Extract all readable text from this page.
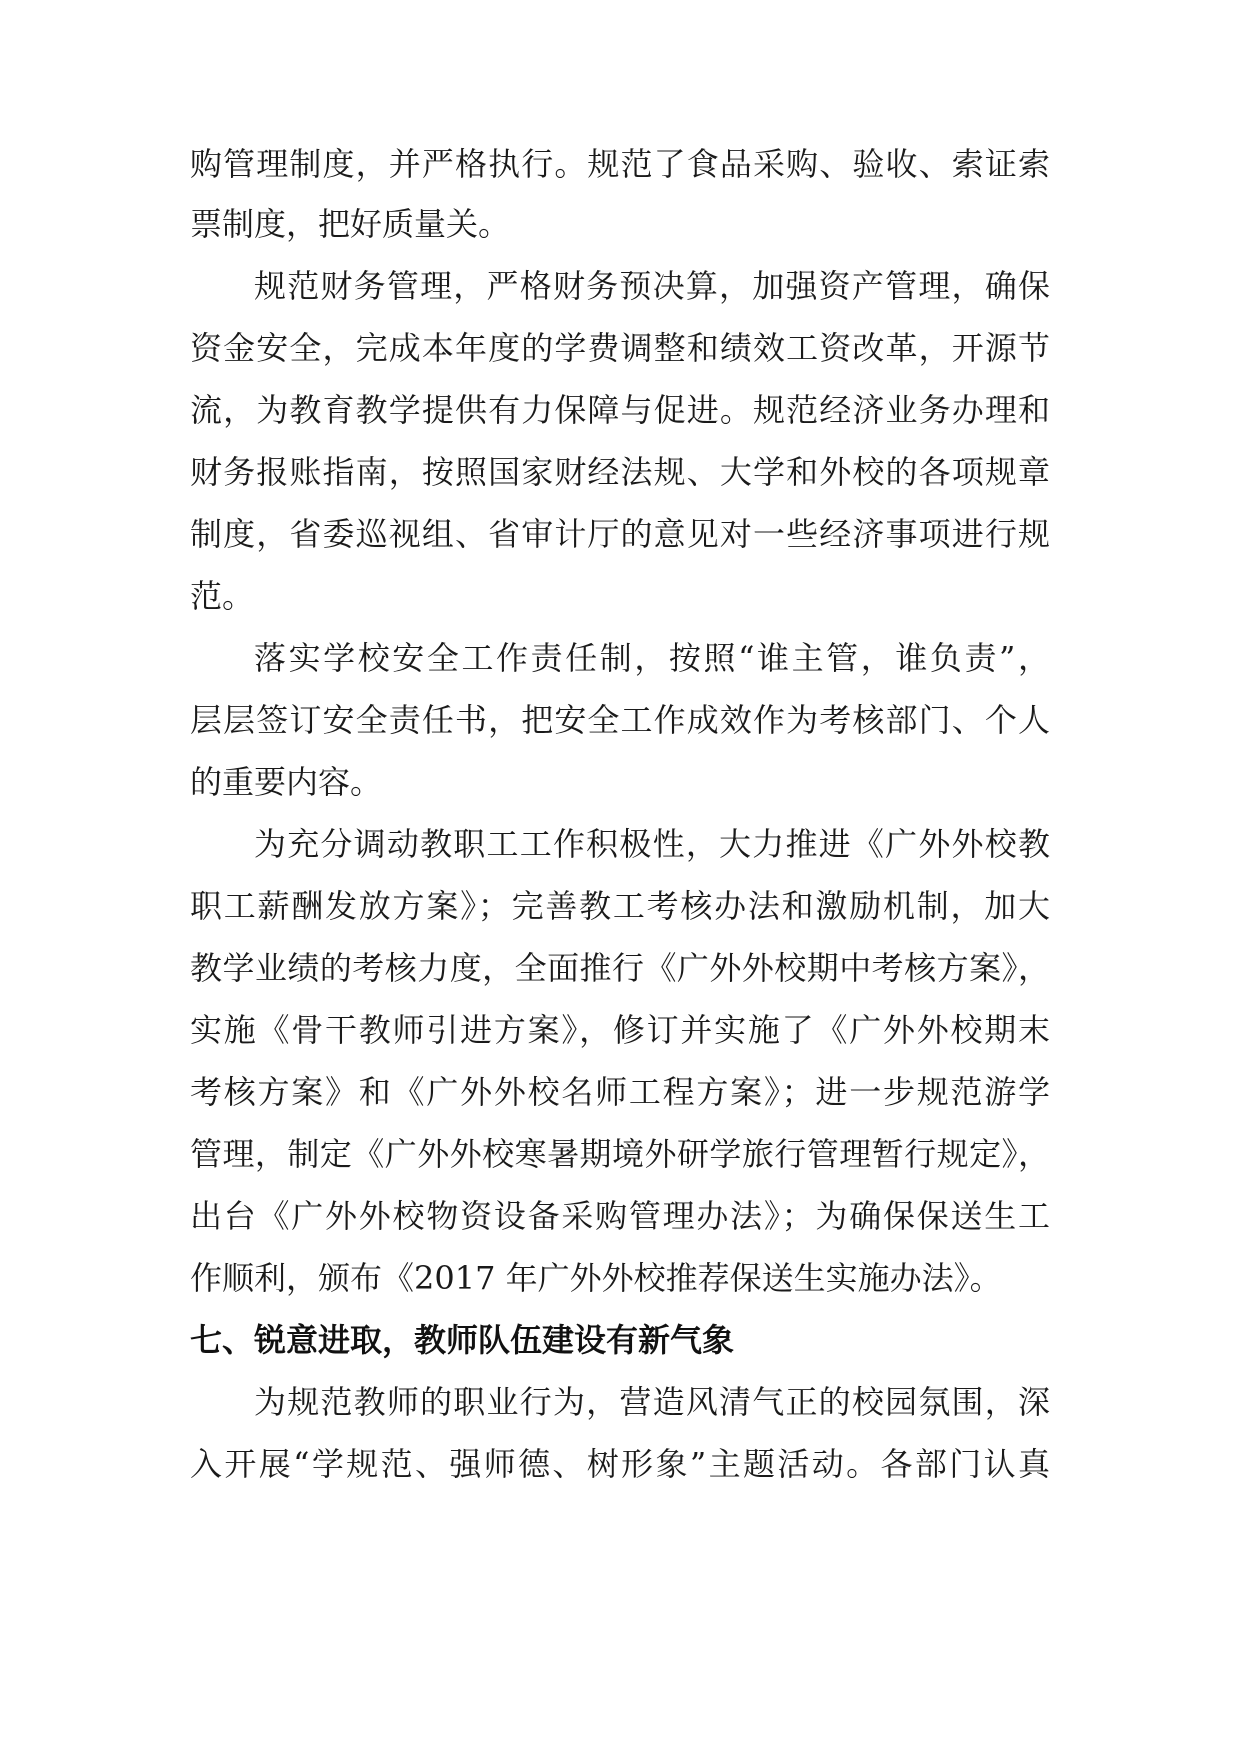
购管理制度，并严格执行。规范了食品采购、验收、索证索
票制度，把好质量关。
规范财务管理，严格财务预决算，加强资产管理，确保
资金安全，完成本年度的学费调整和绩效工资改革，开源节
流，为教育教学提供有力保障与促进。规范经济业务办理和
财务报账指南，按照国家财经法规、大学和外校的各项规章
制度，省委巡视组、省审计厅的意见对一些经济事项进行规
范。
落实学校安全工作责任制，按照“谁主管，谁负责”，
层层签订安全责任书，把安全工作成效作为考核部门、个人
的重要内容。
为充分调动教职工工作积极性，大力推进《广外外校教
职工薪酬发放方案》；完善教工考核办法和激励机制，加大
教学业绩的考核力度，全面推行《广外外校期中考核方案》，
实施《骨干教师引进方案》，修订并实施了《广外外校期末
考核方案》和《广外外校名师工程方案》；进一步规范游学
管理，制定《广外外校寒暑期境外研学旅行管理暂行规定》，
出台《广外外校物资设备采购管理办法》；为确保保送生工
作顺利，颁布《2017 年广外外校推荐保送生实施办法》。
七、锐意进取，教师队伍建设有新气象
为规范教师的职业行为，营造风清气正的校园氛围，深
入开展“学规范、强师德、树形象”主题活动。各部门认真
